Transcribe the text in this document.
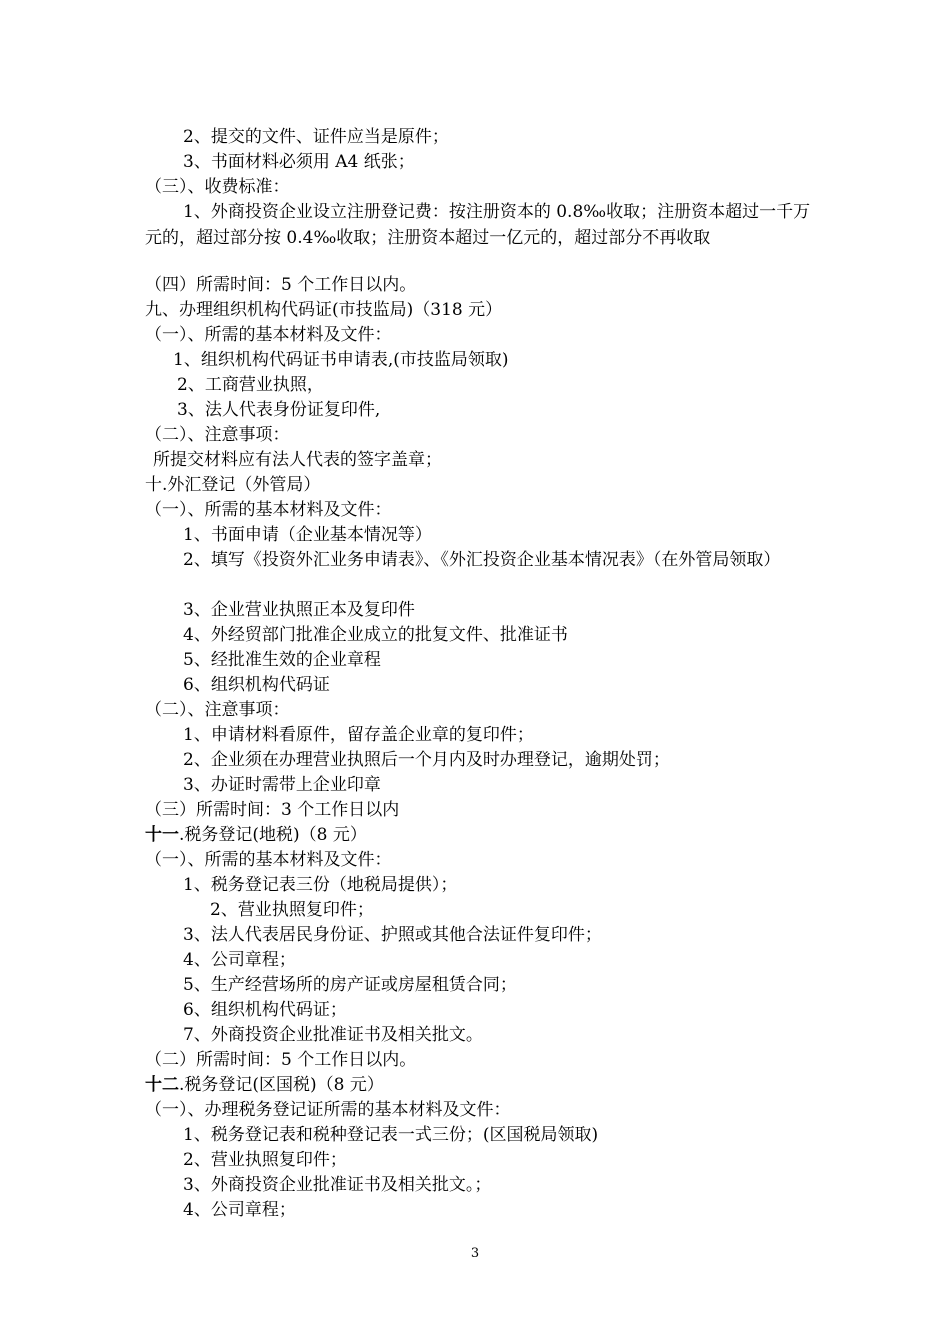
2、提交的文件、证件应当是原件；
3、书面材料必须用 A4 纸张；
（三）、收费标准：
1、外商投资企业设立注册登记费：按注册资本的 0.8‰收取；注册资本超过一千万元的，超过部分按 0.4‰收取；注册资本超过一亿元的，超过部分不再收取
（四）所需时间：5 个工作日以内。
九、办理组织机构代码证(市技监局)（318 元）
（一）、所需的基本材料及文件：
1、组织机构代码证书申请表,(市技监局领取)
2、工商营业执照，
3、法人代表身份证复印件,
（二）、注意事项：
所提交材料应有法人代表的签字盖章；
十.外汇登记（外管局）
（一）、所需的基本材料及文件：
1、书面申请（企业基本情况等）
2、填写《投资外汇业务申请表》、《外汇投资企业基本情况表》（在外管局领取）
3、企业营业执照正本及复印件
4、外经贸部门批准企业成立的批复文件、批准证书
5、经批准生效的企业章程
6、组织机构代码证
（二）、注意事项：
1、申请材料看原件，留存盖企业章的复印件；
2、企业须在办理营业执照后一个月内及时办理登记，逾期处罚；
3、办证时需带上企业印章
（三）所需时间：3 个工作日以内
十一.税务登记(地税)（8 元）
（一）、所需的基本材料及文件：
1、税务登记表三份（地税局提供）；
2、营业执照复印件；
3、法人代表居民身份证、护照或其他合法证件复印件；
4、公司章程；
5、生产经营场所的房产证或房屋租赁合同；
6、组织机构代码证；
7、外商投资企业批准证书及相关批文。
（二）所需时间：5 个工作日以内。
十二.税务登记(区国税)（8 元）
（一）、办理税务登记证所需的基本材料及文件：
1、税务登记表和税种登记表一式三份；(区国税局领取)
2、营业执照复印件；
3、外商投资企业批准证书及相关批文。；
4、公司章程；
3
